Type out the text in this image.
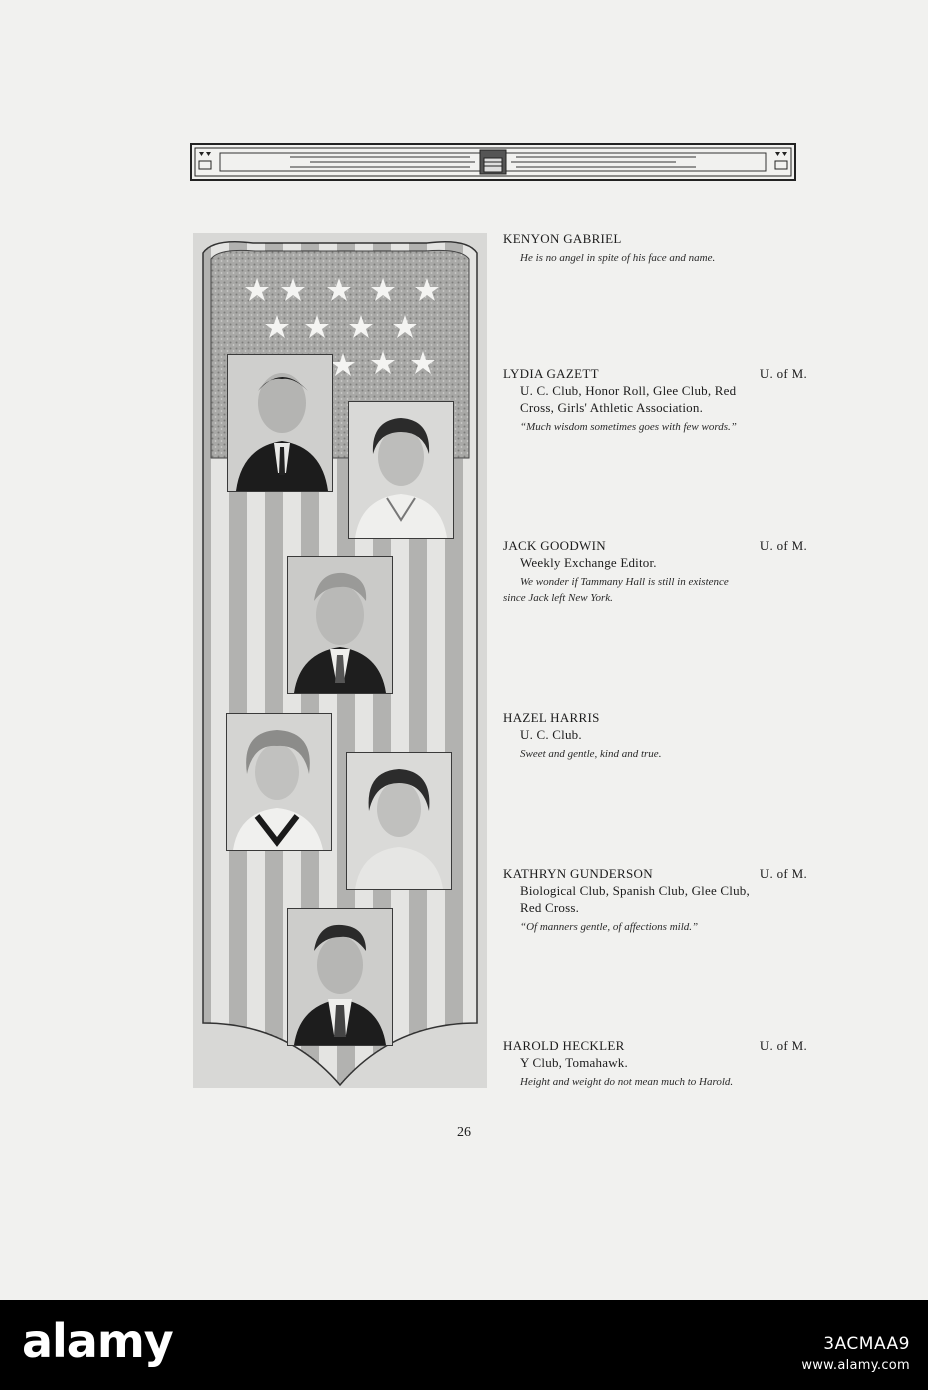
KENYON GABRIEL
He is no angel in spite of his face and name.
LYDIA GAZETT	U. of M.
U. C. Club, Honor Roll, Glee Club, Red
Cross, Girls' Athletic Association.
“Much wisdom sometimes goes with few words.”
JACK GOODWIN	U. of M.
Weekly Exchange Editor.
We wonder if Tammany Hall is still in existence
since Jack left New York.
HAZEL HARRIS
U. C. Club.
Sweet and gentle, kind and true.
KATHRYN GUNDERSON	U. of M.
Biological Club, Spanish Club, Glee Club,
Red Cross.
“Of manners gentle, of affections mild.”
HAROLD HECKLER	U. of M.
Y Club, Tomahawk.
Height and weight do not mean much to Harold.
26
alamy	3ACMAA9
www.alamy.com
